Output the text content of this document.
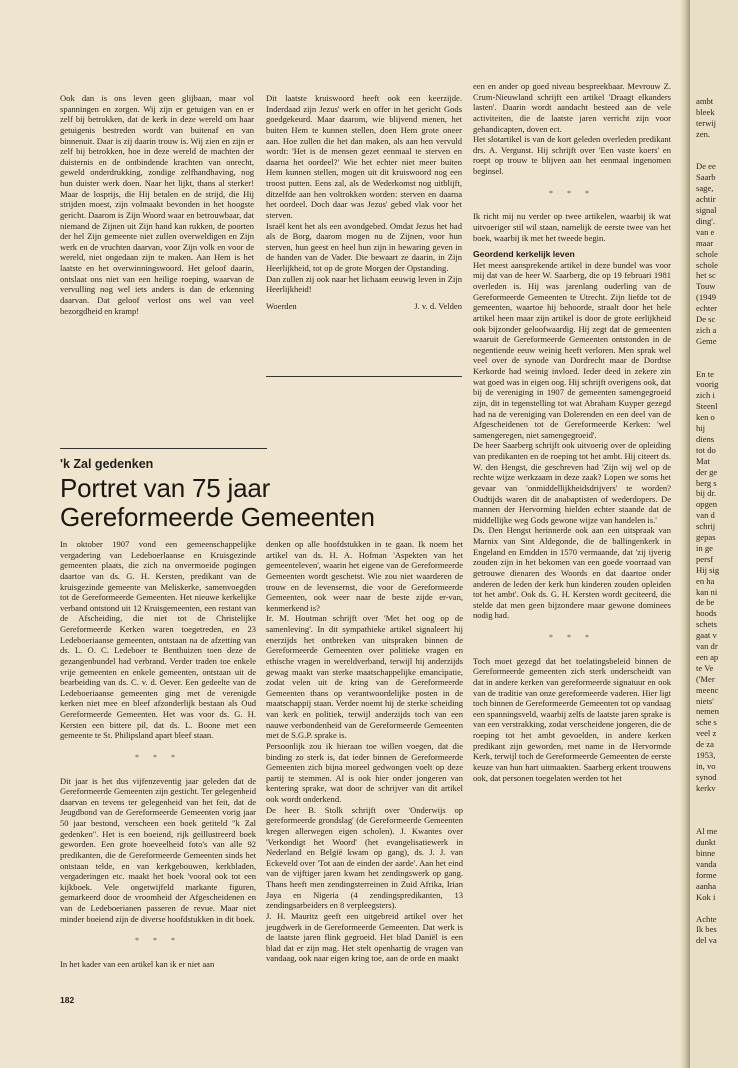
Ook dan is ons leven geen glijbaan, maar vol spanningen en zorgen. Wij zijn er getuigen van en er zelf bij betrokken, dat de kerk in deze wereld om haar getuigenis bestreden wordt van buitenaf en van binnenuit. Daar is zij daarin trouw is. Wij zien en zijn er zelf bij betrokken, hoe in deze wereld de machten der duisternis en de ontbindende krachten van onrecht, geweld onderdrukking, zondige zelfhandhaving, nog hun duister werk doen. Naar het lijkt, thans al sterker! Maar de losprijs, die Hij betalen en de strijd, die Hij strijden moest, zijn volmaakt bevonden in het hoogste gericht. Daarom is Zijn Woord waar en betrouwbaar, dat niemand de Zijnen uit Zijn hand kan rukken, de poorten der hel Zijn gemeente niet zullen overweldigen en Zijn werk en de vruchten daarvan, voor Zijn volk en voor de wereld, niet ongedaan zijn te maken. Aan Hem is het laatste en het overwinningswoord. Het geloof daarin, ontslaat ons niet van een heilige roeping, waarvan de vervulling nog wel iets anders is dan de erkenning daarvan. Dat geloof verlost ons wel van veel bezorgdheid en kramp!

Dit laatste kruiswoord heeft ook een keerzijde. Inderdaad zijn Jezus' werk en offer in het gericht Gods goedgekeurd. Maar daarom, wie blijvend menen, het buiten Hem te kunnen stellen, doen Hem grote oneer aan. Hoe zullen die het dan maken, als aan hen vervuld wordt: 'Het is de mensen gezet eenmaal te sterven en daarna het oordeel?' Wie het echter niet meer buiten Hem kunnen stellen, mogen uit dit kruiswoord nog een troost putten. Eens zal, als de Wederkomst nog uitblijft, ditzelfde aan hen voltrokken worden: sterven en daarna het oordeel. Doch daar was Jezus' gebed vlak voor het sterven.

Israël kent het als een avondgebed. Omdat Jezus het had als de Borg, daarom mogen nu de Zijnen, voor hun sterven, hun geest en heel hun zijn in bewaring geven in de handen van de Vader. Die bewaart ze daarin, in Zijn Heerlijkheid, tot op de grote Morgen der Opstanding.

Dan zullen zij ook naar het lichaam eeuwig leven in Zijn Heerlijkheid!

Woerden	J. v. d. Velden
'k Zal gedenken
Portret van 75 jaar
Gereformeerde Gemeenten

een en ander op goed niveau bespreekbaar. Mevrouw Z. Crum-Nieuwland schrijft een artikel 'Draagt elkanders lasten'. Daarin wordt aandacht besteed aan de vele activiteiten, die de laatste jaren verricht zijn voor gehandicapten, doven ect.

Het slotartikel is van de kort geleden overleden predikant drs. A. Vergunst. Hij schrijft over 'Een vaste koers' en roept op trouw te blijven aan het eenmaal ingenomen beginsel.

* * *

Ik richt mij nu verder op twee artikelen, waarbij ik wat uitvoeriger stil wil staan, namelijk de eerste twee van het boek, waarbij ik met het tweede begin.

Geordend kerkelijk leven

Het meest aansprekende artikel in deze bundel was voor mij dat van de heer W. Saarberg, die op 19 februari 1981 overleden is. Hij was jarenlang ouderling van de Gereformeerde Gemeenten te Utrecht. Zijn liefde tot de gemeenten, waartoe hij behoorde, straalt door het hele artikel heen maar zijn artikel is door de grote eerlijkheid ook bijzonder geloofwaardig. Hij zegt dat de gemeenten waaruit de Gereformeerde Gemeenten ontstonden in de negentiende eeuw weinig heeft verloren. Men sprak wel veel over de synode van Dordrecht maar de Dordtse Kerkorde had weinig invloed. Ieder deed in zekere zin wat goed was in eigen oog. Hij schrijft overigens ook, dat bij de vereniging in 1907 de gemeenten samengegroeid zijn, dit in tegenstelling tot wat Abraham Kuyper gezegd had na de vereniging van Dolerenden en een deel van de Afgescheidenen tot de Gereformeerde Kerken: 'wel samengeregen, niet samengegroeid'.

De heer Saarberg schrijft ook uitvoerig over de opleiding van predikanten en de roeping tot het ambt. Hij citeert ds. W. den Hengst, die geschreven had 'Zijn wij wel op de rechte wijze werkzaam in deze zaak? Lopen we soms het gevaar van 'onmiddellijkheidsdrijvers' te worden? Oudtijds waren dit de anabaptisten of wederdopers. De mannen der Hervorming hielden echter staande dat de middellijke weg Gods gewone wijze van handelen is.'

Ds. Den Hengst herinnerde ook aan een uitspraak van Marnix van Sint Aldegonde, die de ballingenkerk in Engeland en Emdden in 1570 vermaande, dat 'zij ijverig zouden zijn in het bekomen van een goede voorraad van getrouwe dienaren des Woords en dat daartoe onder anderen de leden der kerk hun kinderen zouden opleiden tot het ambt'. Ook ds. G. H. Kersten wordt geciteerd, die stelde dat men geen bijzondere maar gewone dominees nodig had.

* * *

Toch moet gezegd dat het toelatingsbeleid binnen de Gereformeerde gemeenten zich sterk onderscheidt van dat in andere kerken van gereformeerde signatuur en ook van de traditie van onze gereformeerde vaderen. Hier ligt toch binnen de Gereformeerde Gemeenten tot op vandaag een spanningsveld, waarbij zelfs de laatste jaren sprake is van een verstrakking, zodat verscheidene jongeren, die de roeping tot het ambt gevoelden, in andere kerken predikant zijn geworden, met name in de Hervormde Kerk, terwijl toch de Gereformeerde Gemeenten de eerste keuze van hun hart uitmaakten. Saarberg erkent trouwens ook, dat personen toegelaten werden tot het

In oktober 1907 vond een gemeenschappelijke vergadering van Ledeboerlaanse en Kruisgezinde gemeenten plaats, die zich na onvermoeide pogingen daartoe van ds. G. H. Kersten, predikant van de kruisgezinde gemeente van Meliskerke, samenvoegden tot de Gereformeerde Gemeenten. Het nieuwe kerkelijke verband ontstond uit 12 Kruisgemeenten, een restant van de Afscheiding, die niet tot de Christelijke Gereformeerde Kerken waren toegetreden, en 23 Ledeboeriaanse gemeenten, ontstaan na de afzetting van ds. L. O. C. Ledeboer te Benthuizen toen deze de gezangenbundel had verbrand. Verder traden toe enkele vrije gemeenten en enkele gemeenten, ontstaan uit de bearbeiding van ds. C. v. d. Oever. Een gedeelte van de Ledeboeriaanse gemeenten ging met de verenigde kerken niet mee en bleef afzonderlijk bestaan als Oud Gereformeerde Gemeenten. Het was voor ds. G. H. Kersten een bittere pil, dat ds. L. Boone met een gemeente te St. Philipsland apart bleef staan.

* * *

Dit jaar is het dus vijfenzeventig jaar geleden dat de Gereformeerde Gemeenten zijn gesticht. Ter gelegenheid daarvan en tevens ter gelegenheid van het feit, dat de Jeugdbond van de Gereformeerde Gemeenten vorig jaar 50 jaar bestond, verscheen een boek getiteld "k Zal gedenken". Het is een boeiend, rijk geïllustreerd boek geworden. Een grote hoeveelheid foto's van alle 92 predikanten, die de Gereformeerde Gemeenten sinds het ontstaan telde, en van kerkgebouwen, kerkbladen, vergaderingen etc. maakt het boek 'vooral ook tot een kijkboek. Vele ongetwijfeld markante figuren, gemarkeerd door de vroomheid der Afgescheidenen en van de Ledeboerianen passeren de revue. Maar niet minder boeiend zijn de diverse hoofdstukken in dit boek.

* * *

In het kader van een artikel kan ik er niet aan

denken op alle hoofdstukken in te gaan. Ik noem het artikel van ds. H. A. Hofman 'Aspekten van het gemeenteleven', waarin het eigene van de Gereformeerde Gemeenten wordt geschetst. Wie zou niet waarderen de trouw en de levensernst, die voor de Gereformeerde Gemeenten, ook weer naar de beste zijde er-van, kenmerkend is?

Ir. M. Houtman schrijft over 'Met het oog op de samenleving'. In dit sympathieke artikel signaleert hij enerzijds het ontbreken van uitspraken binnen de Gereformeerde Gemeenten over politieke vragen en ethische vragen in wereldverband, terwijl hij anderzijds gewag maakt van sterke maatschappelijke emancipatie, zodat velen uit de kring van de Gereformeerde Gemeenten thans op verantwoordelijke posten in de maatschappij staan. Verder noemt hij de sterke scheiding van kerk en politiek, terwijl anderzijds toch van een nauwe verbondenheid van de Gereformeerde Gemeenten met de S.G.P. sprake is.

Persoonlijk zou ik hieraan toe willen voegen, dat die binding zo sterk is, dat ieder binnen de Gereformeerde Gemeenten zich bijna moreel gedwongen voelt op deze partij te stemmen. Al is ook hier onder jongeren van kentering sprake, wat door de schrijver van dit artikel ook wordt onderkend.

De heer B. Stolk schrijft over 'Onderwijs op gereformeerde grondslag' (de Gereformeerde Gemeenten kregen allerwegen eigen scholen). J. Kwantes over 'Verkondigt het Woord' (het evangelisatiewerk in Nederland en België kwam op gang), ds. J. J. van Eckeveld over 'Tot aan de einden der aarde'. Aan het eind van de vijftiger jaren kwam het zendingswerk op gang. Thans heeft men zendingsterreinen in Zuid Afrika, Irian Jaya en Nigeria (4 zendingspredikanten, 13 zendingsarbeiders en 8 verpleegsters).

J. H. Mauritz geeft een uitgebreid artikel over het jeugdwerk in de Gereformeerde Gemeenten. Dat werk is de laatste jaren flink gegroeid. Het blad Daniël is een blad dat er zijn mag. Het stelt openhartig de vragen van vandaag, ook naar eigen kring toe, aan de orde en maakt

182
ambt
bleek
terwij
zen.
De ee
Saarb
sage,
achtir
signal
ding'.
van e
maar
schole
schole
het sc
Touw
(1949
echter
De sc
zich a
Geme
En te
voorig
zich i
Steenl
ken o
hij
diens
tot do
Mat
der ge
berg s
bij dr.
opgen
van d
schrij
gepas
in ge
persf
Hij sig
en ha
kan ni
de be
hoods
schets
gaat v
van dr
een ap
te Ve
('Mer
meenc
niets'
nemen
sche s
veel z
de za
1953,
in, vo
synod
kerkv
Al me
dunkt
binne
vanda
forme
aanha
Kok i
Achte
Ik bes
del va
